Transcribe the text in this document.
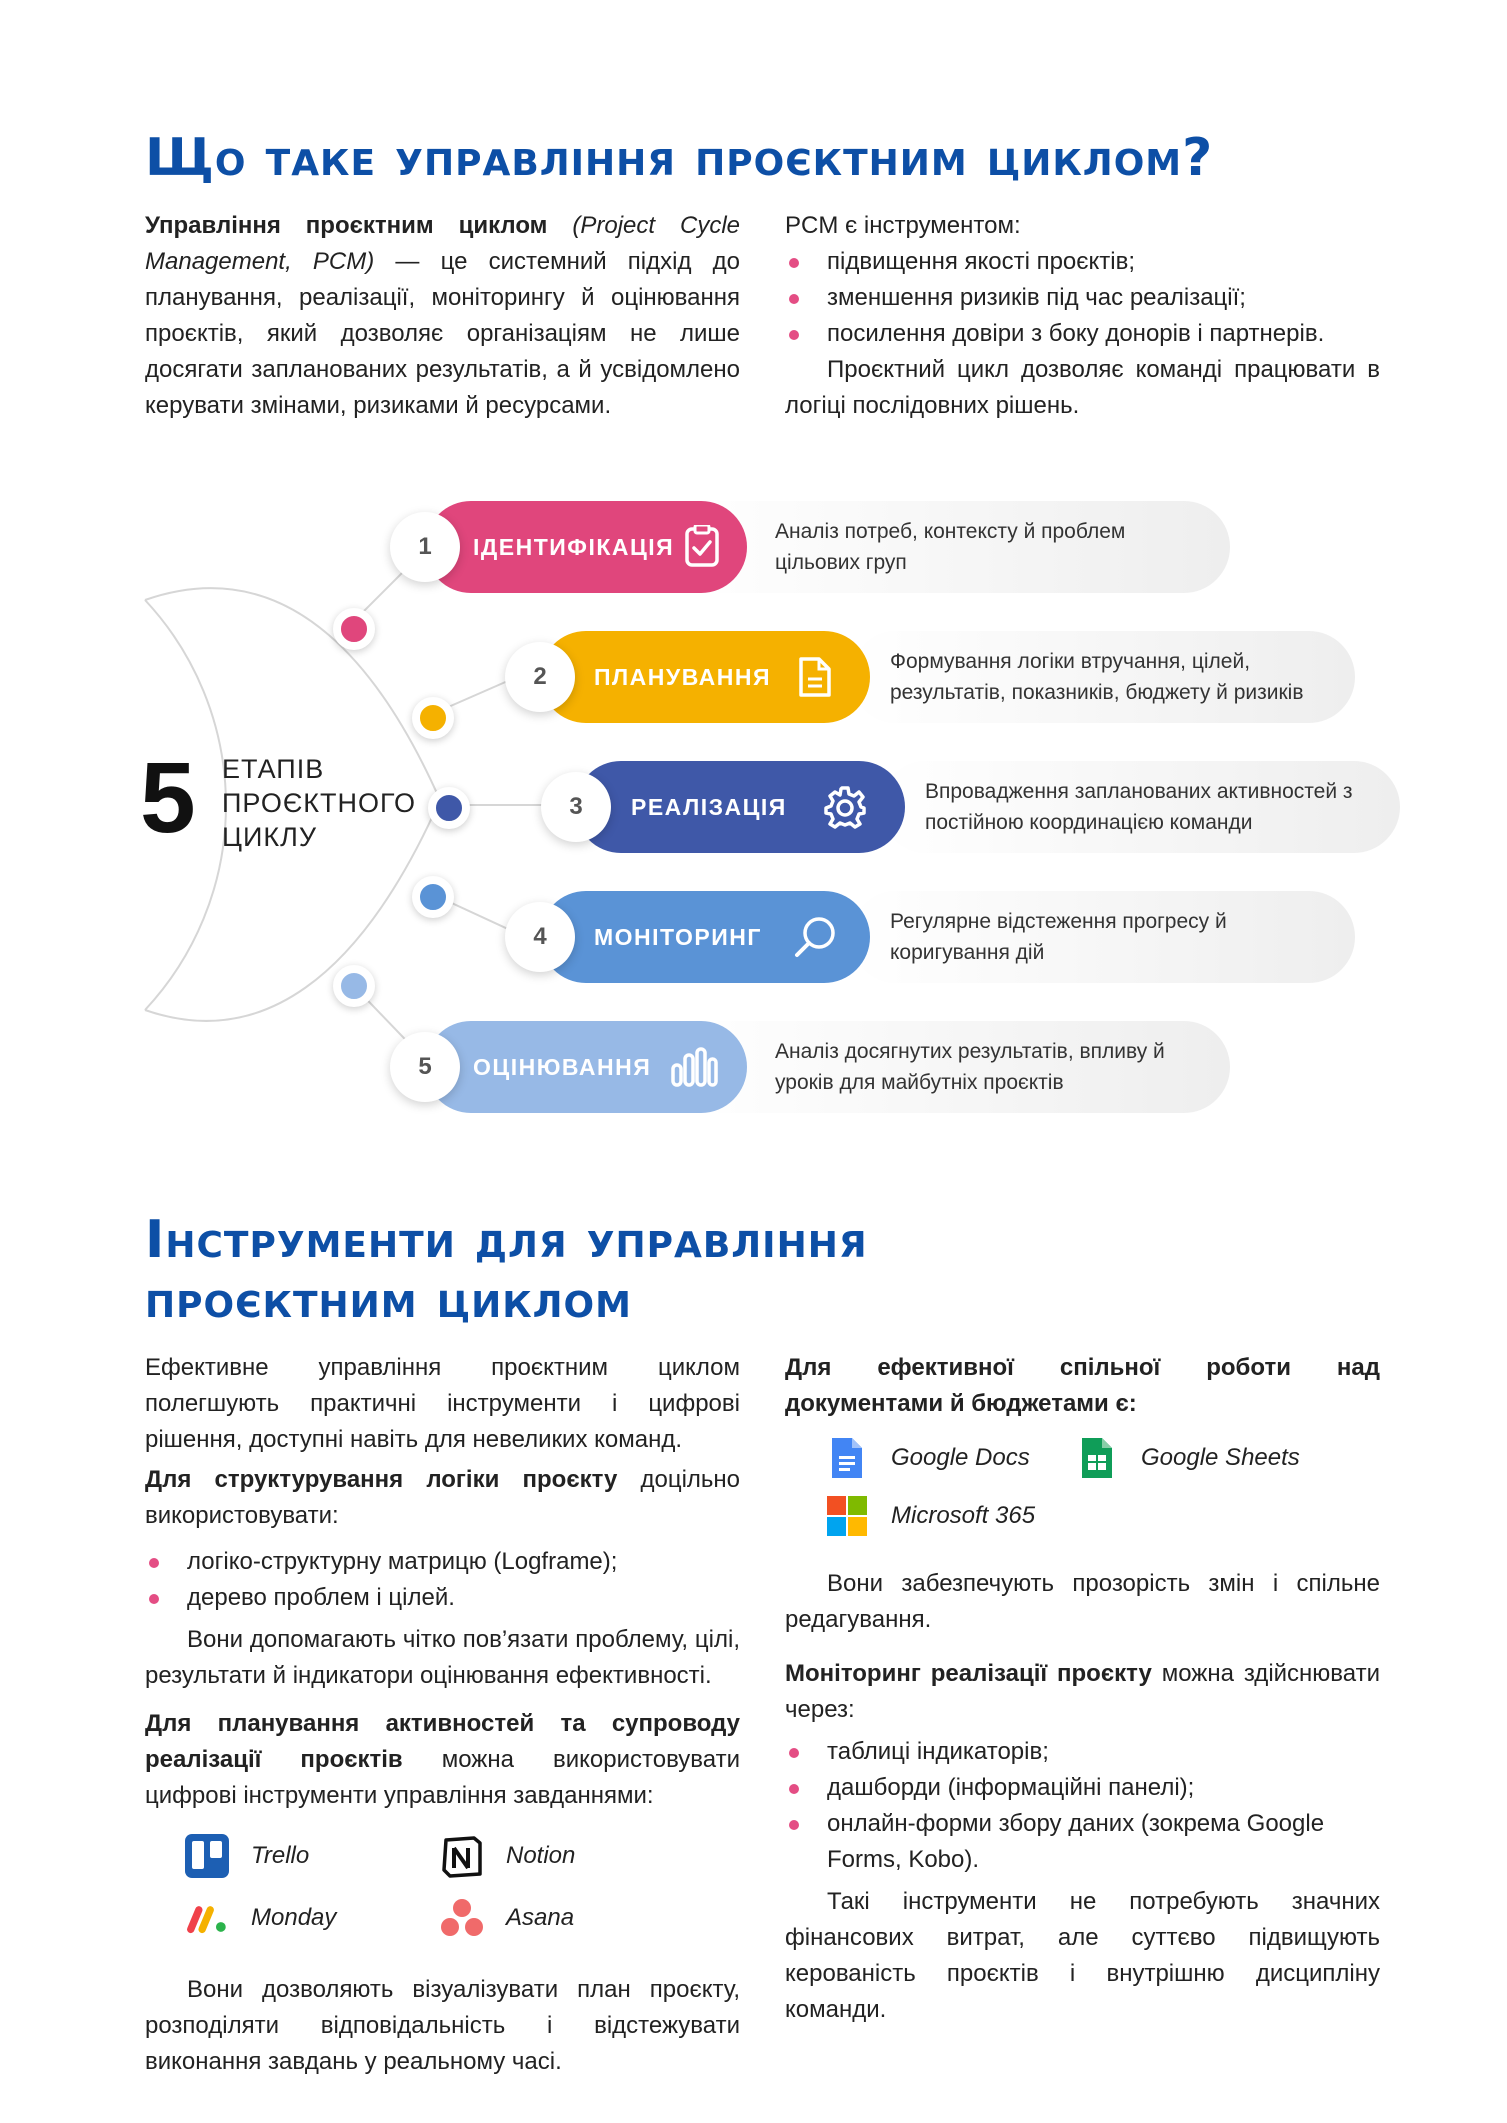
Що таке управління проєктним циклом?

Управління проєктним циклом (Project Cycle Management, PCM) — це системний підхід до планування, реалізації, моніторингу й оцінювання проєктів, який дозволяє організаціям не лише досягати запланованих результатів, а й усвідомлено керувати змінами, ризиками й ресурсами.

PCM є інструментом:

підвищення якості проєктів;
зменшення ризиків під час реалізації;
посилення довіри з боку донорів і партнерів.

Проєктний цикл дозволяє команді працювати в логіці послідовних рішень.

5 ЕТАПІВ
ПРОЄКТНОГО
ЦИКЛУ
Аналіз потреб, контексту й проблем цільових груп
ІДЕНТИФІКАЦІЯ
1
Формування логіки втручання, цілей, результатів, показників, бюджету й ризиків
ПЛАНУВАННЯ
2
Впровадження запланованих активностей з постійною координацією команди
РЕАЛІЗАЦІЯ
3
Регулярне відстеження прогресу й коригування дій
МОНІТОРИНГ
4
Аналіз досягнутих результатів, впливу й уроків для майбутніх проєктів
ОЦІНЮВАННЯ
5
Інструменти для управління
проєктним циклом

Ефективне управління проєктним циклом полегшують практичні інструменти і цифрові рішення, доступні навіть для невеликих команд.

Для структурування логіки проєкту доцільно використовувати:

логіко-структурну матрицю (Logframe);
дерево проблем і цілей.

Вони допомагають чітко пов’язати проблему, цілі, результати й індикатори оцінювання ефективності.

Для планування активностей та супроводу реалізації проєктів можна використовувати цифрові інструменти управління завданнями:

Trello	Notion
Monday	Asana

Вони дозволяють візуалізувати план проєкту, розподіляти відповідальність і відстежувати виконання завдань у реальному часі.

Для ефективної спільної роботи над документами й бюджетами є:

Google Docs	Google Sheets
Microsoft 365

Вони забезпечують прозорість змін і спільне редагування.

Моніторинг реалізації проєкту можна здійснювати через:

таблиці індикаторів;
дашборди (інформаційні панелі);
онлайн-форми збору даних (зокрема Google Forms, Kobo).

Такі інструменти не потребують значних фінансових витрат, але суттєво підвищують керованість проєктів і внутрішню дисципліну команди.
